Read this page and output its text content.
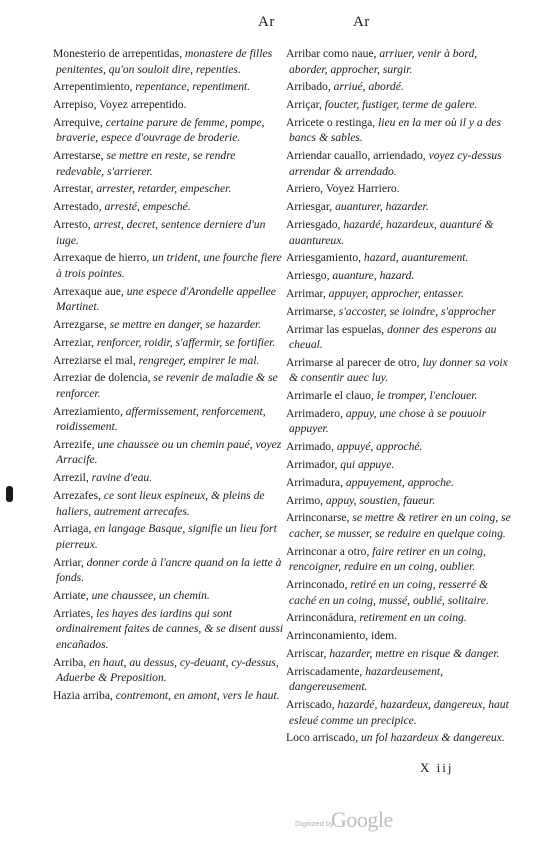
Ar	Ar
Monesterio de arrepentidas, monastere de filles penitentes, qu'on souloit dire, repenties.
Arrepentimiento, repentance, repentiment.
Arrepiso, Voyez arrepentido.
Arrequive, certaine parure de femme, pompe, braverie, espece d'ouvrage de broderie.
Arrestarse, se mettre en reste, se rendre redevable, s'arrierer.
Arrestar, arrester, retarder, empescher.
Arrestado, arresté, empesché.
Arresto, arrest, decret, sentence derniere d'un iuge.
Arrexaque de hierro, un trident, une fourche fiere à trois pointes.
Arrexaque aue, une espece d'Arondelle appellee Martinet.
Arrezgarse, se mettre en danger, se hazarder.
Arreziar, renforcer, roidir, s'affermir, se fortifier.
Arreziarse el mal, rengreger, empirer le mal.
Arreziar de dolencia, se revenir de maladie & se renforcer.
Arreziamiento, affermissement, renforcement, roidissement.
Arrezife, une chaussee ou un chemin paué, voyez Arracife.
Arrezil, ravine d'eau.
Arrezafes, ce sont lieux espineux, & pleins de haliers, autrement arrecafes.
Arriaga, en langage Basque, signifie un lieu fort pierreux.
Arriar, donner corde à l'ancre quand on la iette à fonds.
Arriate, une chaussee, un chemin.
Arriates, les hayes des iardins qui sont ordinairement faites de cannes, & se disent aussi encañados.
Arriba, en haut, au dessus, cy-deuant, cy-dessus, Aduerbe & Preposition.
Hazia arriba, contremont, en amont, vers le haut.
Arribar como naue, arriuer, venir à bord, aborder, approcher, surgir.
Arribado, arriué, abordé.
Arriçar, foucter, fustiger, terme de galere.
Arricete o restinga, lieu en la mer où il y a des bancs & sables.
Arriendar cauallo, arriendado, voyez cy-dessus arrendar & arrendado.
Arriero, Voyez Harriero.
Arriesgar, auanturer, hazarder.
Arriesgado, hazardé, hazardeux, auanturé & auantureux.
Arriesgamiento, hazard, auanturement.
Arriesgo, auanture, hazard.
Arrimar, appuyer, approcher, entasser.
Arrimarse, s'accoster, se ioindre, s'approcher
Arrimar las espuelas, donner des esperons au cheual.
Arrimarse al parecer de otro, luy donner sa voix & consentir auec luy.
Arrimarle el clauo, le tromper, l'enclouer.
Arrimadero, appuy, une chose à se pouuoir appuyer.
Arrimado, appuyé, approché.
Arrimador, qui appuye.
Arrimadura, appuyement, approche.
Arrimo, appuy, soustien, faueur.
Arrinconarse, se mettre & retirer en un coing, se cacher, se musser, se reduire en quelque coing.
Arrinconar a otro, faire retirer en un coing, rencoigner, reduire en un coing, oublier.
Arrinconado, retiré en un coing, resserré & caché en un coing, mussé, oublié, solitaire.
Arrinconádura, retirement en un coing.
Arrinconamiento, idem.
Arriscar, hazarder, mettre en risque & danger.
Arriscadamente, hazardeusement, dangereusement.
Arriscado, hazardé, hazardeux, dangereux, haut esleué comme un precipice.
Loco arriscado, un fol hazardeux & dangereux.
X iij
Digitized by
Google
